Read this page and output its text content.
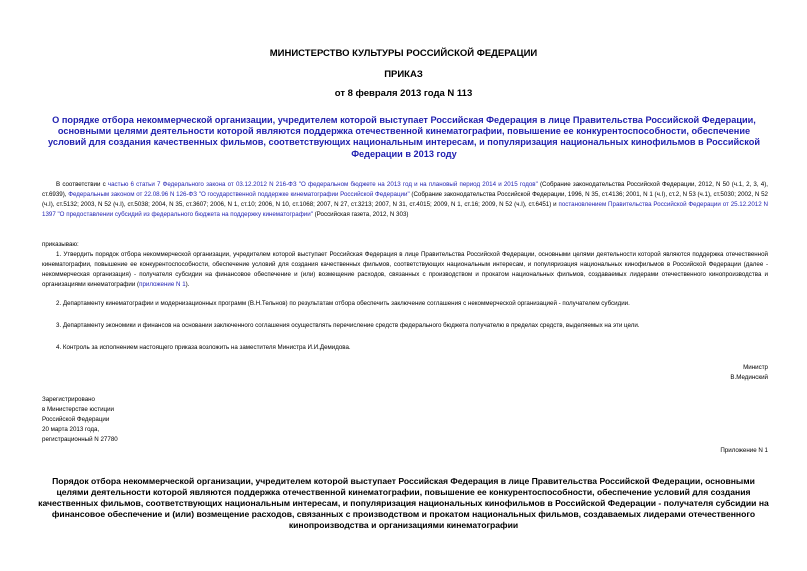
МИНИСТЕРСТВО КУЛЬТУРЫ РОССИЙСКОЙ ФЕДЕРАЦИИ
ПРИКАЗ
от 8 февраля 2013 года N 113
О порядке отбора некоммерческой организации, учредителем которой выступает Российская Федерация в лице Правительства Российской Федерации, основными целями деятельности которой являются поддержка отечественной кинематографии, повышение ее конкурентоспособности, обеспечение условий для создания качественных фильмов, соответствующих национальным интересам, и популяризация национальных кинофильмов в Российской Федерации в 2013 году
В соответствии с частью 6 статьи 7 Федерального закона от 03.12.2012 N 216-ФЗ "О федеральном бюджете на 2013 год и на плановый период 2014 и 2015 годов" (Собрание законодательства Российской Федерации, 2012, N 50 (ч.1, 2, 3, 4), ст.6939), Федеральным законом от 22.08.96 N 126-ФЗ "О государственной поддержке кинематографии Российской Федерации" (Собрание законодательства Российской Федерации, 1996, N 35, ст.4136; 2001, N 1 (ч.I), ст.2, N 53 (ч.1), ст.5030; 2002, N 52 (ч.I), ст.5132; 2003, N 52 (ч.I), ст.5038; 2004, N 35, ст.3607; 2006, N 1, ст.10; 2006, N 10, ст.1068; 2007, N 27, ст.3213; 2007, N 31, ст.4015; 2009, N 1, ст.16; 2009, N 52 (ч.I), ст.6451) и постановлением Правительства Российской Федерации от 25.12.2012 N 1397 "О предоставлении субсидий из федерального бюджета на поддержку кинематографии" (Российская газета, 2012, N 303)
приказываю:
1. Утвердить порядок отбора некоммерческой организации, учредителем которой выступает Российская Федерация в лице Правительства Российской Федерации, основными целями деятельности которой являются поддержка отечественной кинематографии, повышение ее конкурентоспособности, обеспечение условий для создания качественных фильмов, соответствующих национальным интересам, и популяризация национальных кинофильмов в Российской Федерации (далее - некоммерческая организация) - получателя субсидии на финансовое обеспечение и (или) возмещение расходов, связанных с производством и прокатом национальных фильмов, создаваемых лидерами отечественного кинопроизводства и организациями кинематографии (приложение N 1).
2. Департаменту кинематографии и модернизационных программ (В.Н.Тельнов) по результатам отбора обеспечить заключение соглашения с некоммерческой организацией - получателем субсидии.
3. Департаменту экономики и финансов на основании заключенного соглашения осуществлять перечисление средств федерального бюджета получателю в пределах средств, выделяемых на эти цели.
4. Контроль за исполнением настоящего приказа возложить на заместителя Министра И.И.Демидова.
Министр
В.Мединский
Зарегистрировано
в Министерстве юстиции
Российской Федерации
20 марта 2013 года,
регистрационный N 27780
Приложение N 1
Порядок отбора некоммерческой организации, учредителем которой выступает Российская Федерация в лице Правительства Российской Федерации, основными целями деятельности которой являются поддержка отечественной кинематографии, повышение ее конкурентоспособности, обеспечение условий для создания качественных фильмов, соответствующих национальным интересам, и популяризация национальных кинофильмов в Российской Федерации - получателя субсидии на финансовое обеспечение и (или) возмещение расходов, связанных с производством и прокатом национальных фильмов, создаваемых лидерами отечественного кинопроизводства и организациями кинематографии
